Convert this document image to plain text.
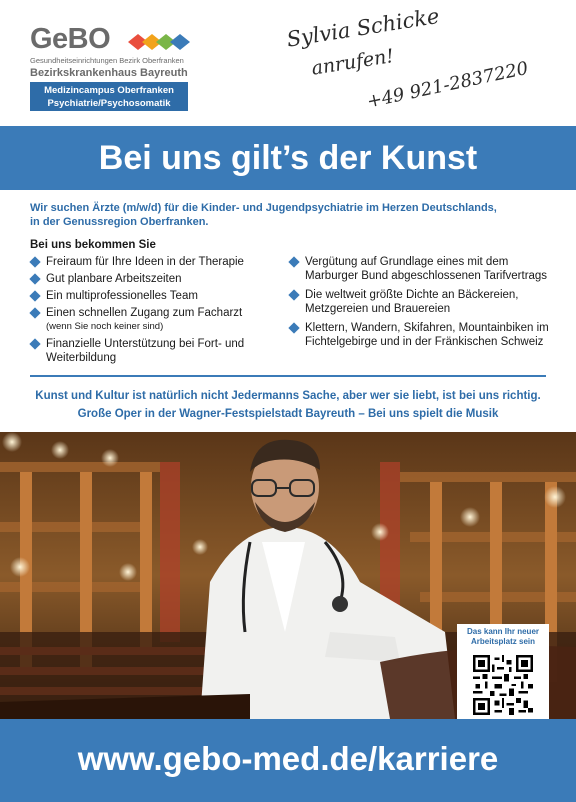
GeBO
Gesundheitseinrichtungen Bezirk Oberfranken
Bezirkskrankenhaus Bayreuth
Medizincampus Oberfranken
Psychiatrie/Psychosomatik
Sylvia Schicke
anrufen!
+49 921-2837220
Bei uns gilt’s der Kunst
Wir suchen Ärzte (m/w/d) für die Kinder- und Jugendpsychiatrie im Herzen Deutschlands,
in der Genussregion Oberfranken.
Bei uns bekommen Sie
Freiraum für Ihre Ideen in der Therapie
Gut planbare Arbeitszeiten
Ein multiprofessionelles Team
Einen schnellen Zugang zum Facharzt
(wenn Sie noch keiner sind)
Finanzielle Unterstützung bei Fort- und Weiterbildung
Vergütung auf Grundlage eines mit dem Marburger Bund abgeschlossenen Tarifvertrags
Die weltweit größte Dichte an Bäckereien, Metzgereien und Brauereien
Klettern, Wandern, Skifahren, Mountainbiken im Fichtelgebirge und in der Fränkischen Schweiz
Kunst und Kultur ist natürlich nicht Jedermanns Sache, aber wer sie liebt, ist bei uns richtig.
Große Oper in der Wagner-Festspielstadt Bayreuth – Bei uns spielt die Musik
Das kann Ihr neuer Arbeitsplatz sein
www.gebo-med.de/karriere
